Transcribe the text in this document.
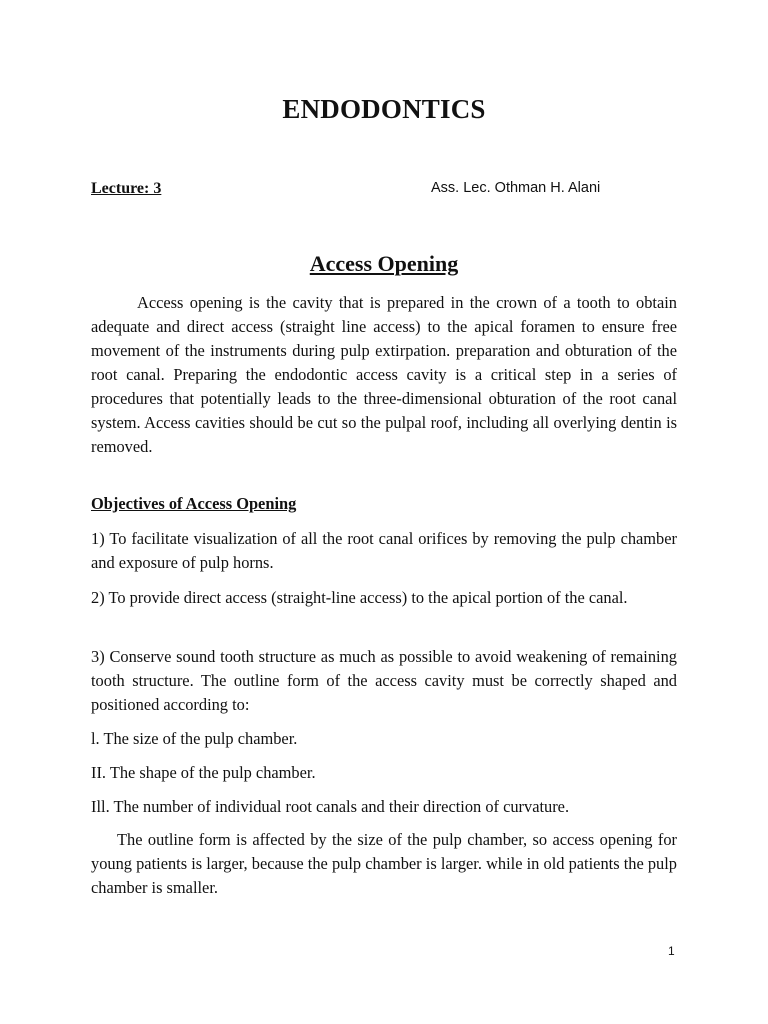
ENDODONTICS
Lecture: 3	Ass. Lec. Othman H. Alani
Access Opening

Access opening is the cavity that is prepared in the crown of a tooth to obtain adequate and direct access (straight line access) to the apical foramen to ensure free movement of the instruments during pulp extirpation. preparation and obturation of the root canal. Preparing the endodontic access cavity is a critical step in a series of procedures that potentially leads to the three-dimensional obturation of the root canal system. Access cavities should be cut so the pulpal roof, including all overlying dentin is removed.

Objectives of Access Opening

1) To facilitate visualization of all the root canal orifices by removing the pulp chamber and exposure of pulp horns.

2) To provide direct access (straight-line access) to the apical portion of the canal.

3) Conserve sound tooth structure as much as possible to avoid weakening of remaining tooth structure. The outline form of the access cavity must be correctly shaped and positioned according to:

l. The size of the pulp chamber.
II. The shape of the pulp chamber.
Ill. The number of individual root canals and their direction of curvature.

The outline form is affected by the size of the pulp chamber, so access opening for young patients is larger, because the pulp chamber is larger. while in old patients the pulp chamber is smaller.

1
